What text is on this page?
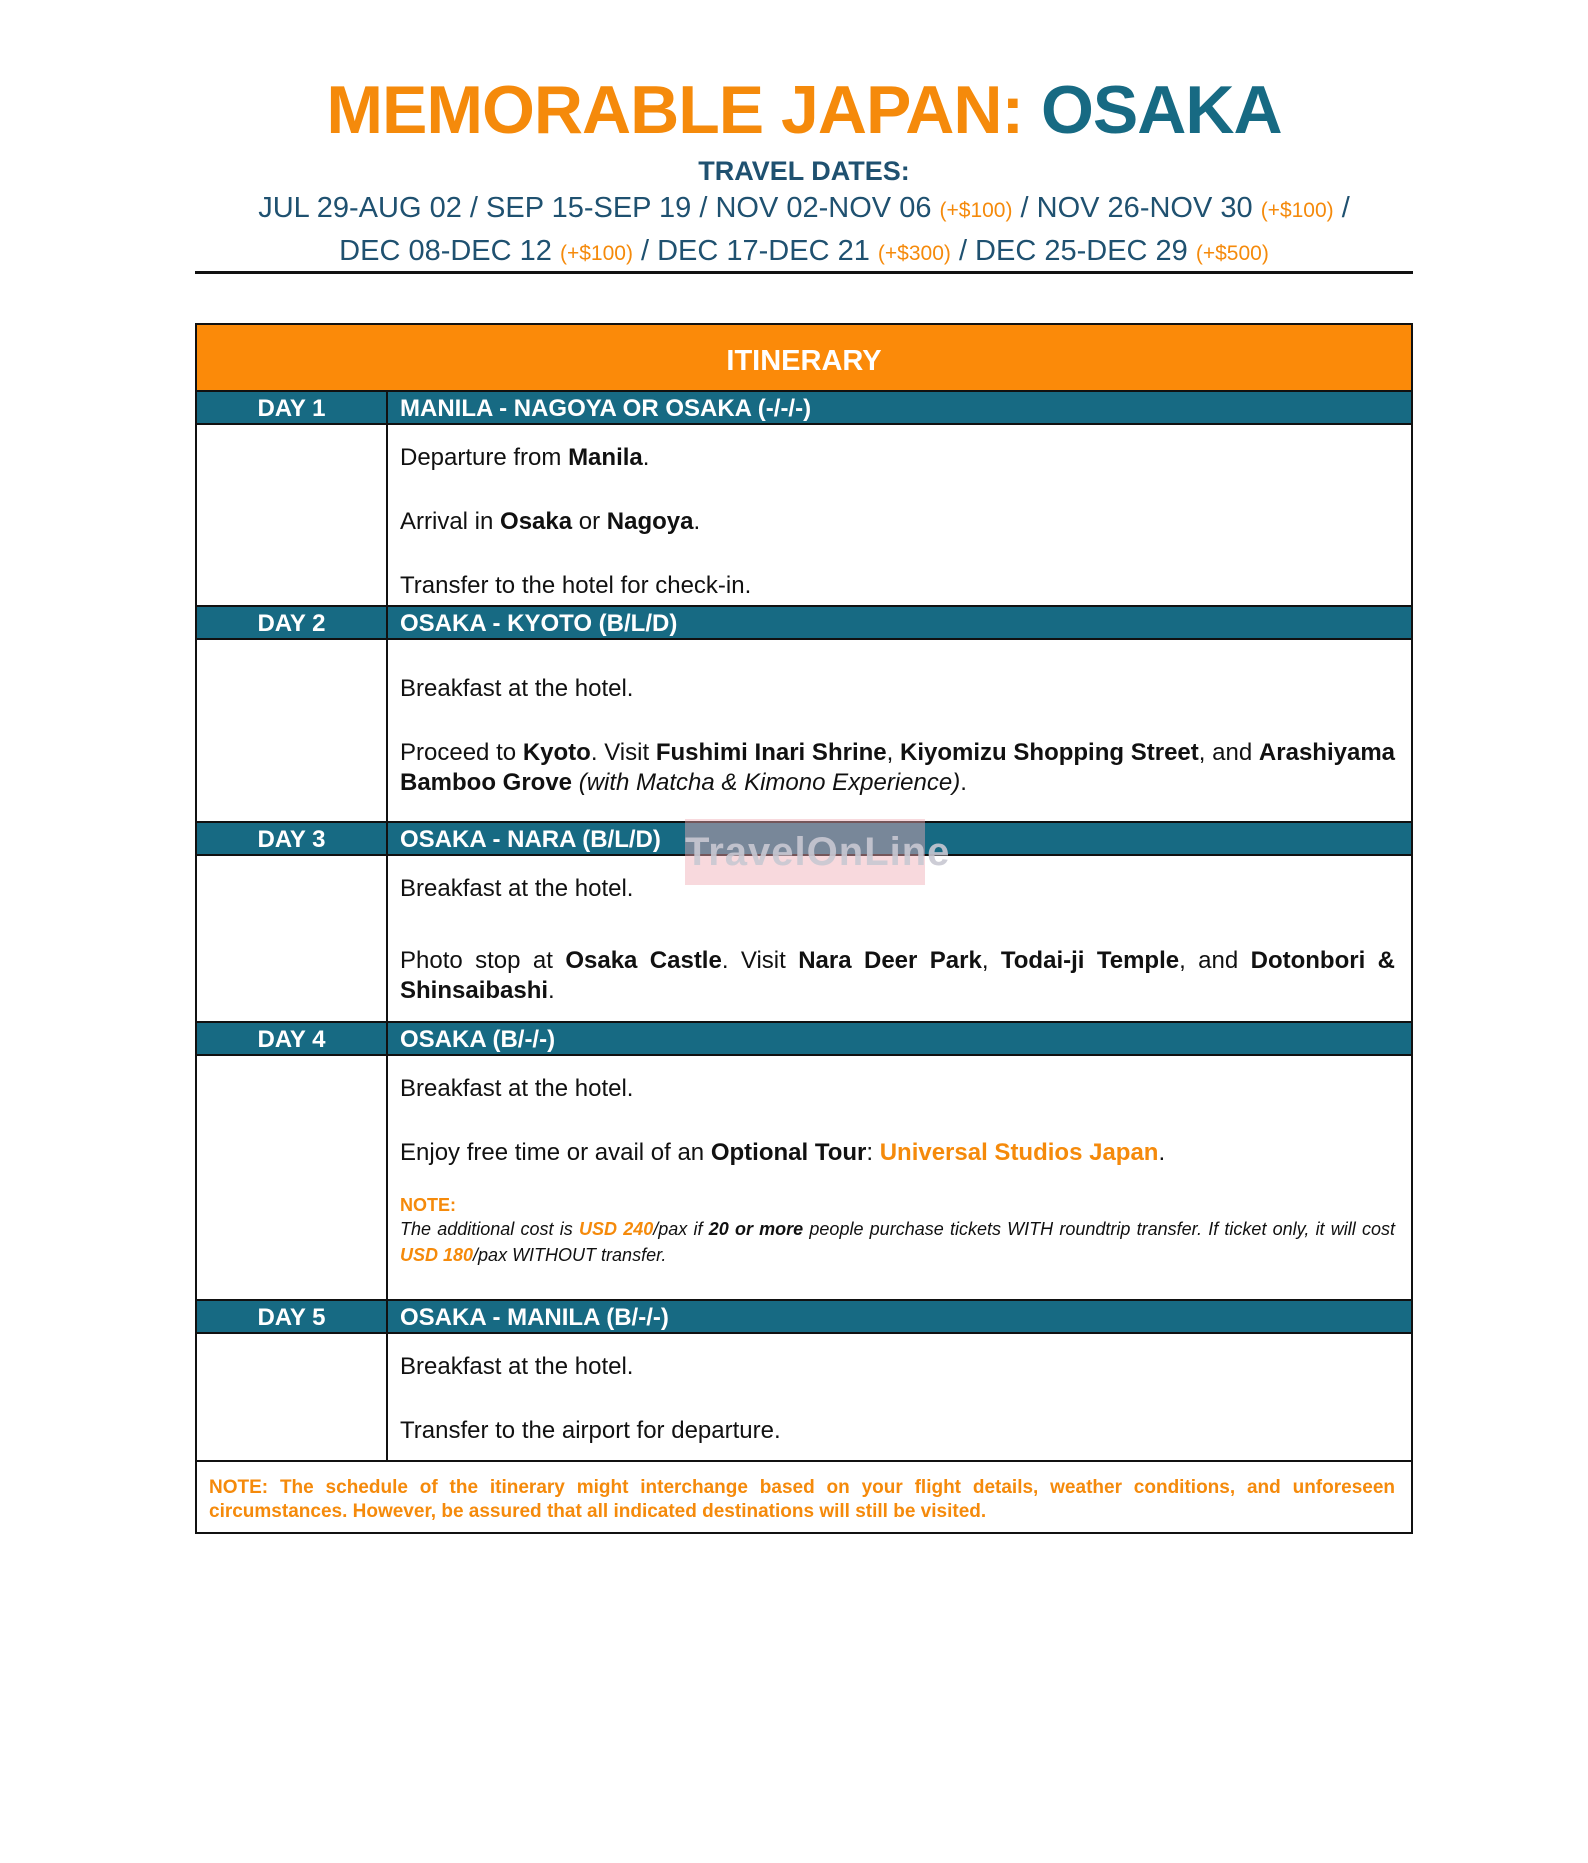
MEMORABLE JAPAN: OSAKA
TRAVEL DATES:
JUL 29-AUG 02 / SEP 15-SEP 19 / NOV 02-NOV 06 (+$100) / NOV 26-NOV 30 (+$100) /
DEC 08-DEC 12 (+$100) / DEC 17-DEC 21 (+$300) / DEC 25-DEC 29 (+$500)
ITINERARY
DAY 1	MANILA - NAGOYA OR OSAKA (-/-/-)

Departure from Manila.

Arrival in Osaka or Nagoya.

Transfer to the hotel for check-in.

DAY 2	OSAKA - KYOTO (B/L/D)

Breakfast at the hotel.

Proceed to Kyoto. Visit Fushimi Inari Shrine, Kiyomizu Shopping Street, and Arashiyama Bamboo Grove (with Matcha & Kimono Experience).

DAY 3	OSAKA - NARA (B/L/D)

Breakfast at the hotel.

Photo stop at Osaka Castle. Visit Nara Deer Park, Todai-ji Temple, and Dotonbori & Shinsaibashi.

DAY 4	OSAKA (B/-/-)

Breakfast at the hotel.

Enjoy free time or avail of an Optional Tour: Universal Studios Japan.

NOTE:
The additional cost is USD 240/pax if 20 or more people purchase tickets WITH roundtrip transfer. If ticket only, it will cost USD 180/pax WITHOUT transfer.
DAY 5	OSAKA - MANILA (B/-/-)

Breakfast at the hotel.

Transfer to the airport for departure.

NOTE: The schedule of the itinerary might interchange based on your flight details, weather conditions, and unforeseen circumstances. However, be assured that all indicated destinations will still be visited.
TravelOnLine
